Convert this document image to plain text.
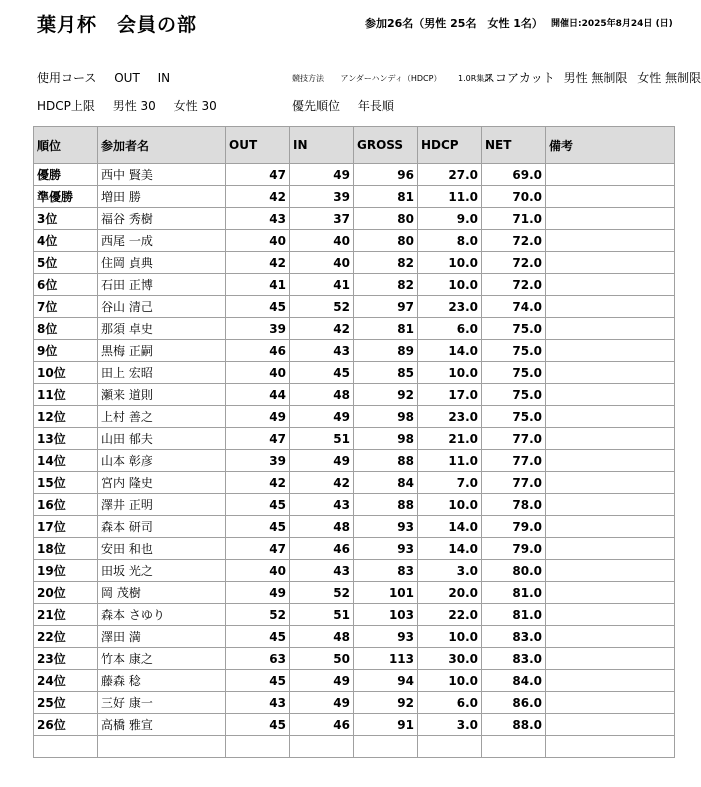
葉月杯　会員の部	参加26名（男性 25名　女性 1名） 開催日:2025年8月24日 (日)
使用コース OUT IN	競技方法 アンダーハンディ（HDCP） 1.0R集計
スコアカット 男性 無制限 女性 無制限
HDCP上限 男性 30 女性 30	優先順位 年長順
順位	参加者名	OUT	IN	GROSS	HDCP	NET	備考
優勝	西中 賢美	47	49	96	27.0	69.0	
準優勝	増田 勝	42	39	81	11.0	70.0	
3位	福谷 秀樹	43	37	80	9.0	71.0	
4位	西尾 一成	40	40	80	8.0	72.0	
5位	住岡 貞典	42	40	82	10.0	72.0	
6位	石田 正博	41	41	82	10.0	72.0	
7位	谷山 清己	45	52	97	23.0	74.0	
8位	那須 卓史	39	42	81	6.0	75.0	
9位	黒梅 正嗣	46	43	89	14.0	75.0	
10位	田上 宏昭	40	45	85	10.0	75.0	
11位	瀬来 道則	44	48	92	17.0	75.0	
12位	上村 善之	49	49	98	23.0	75.0	
13位	山田 郁夫	47	51	98	21.0	77.0	
14位	山本 彰彦	39	49	88	11.0	77.0	
15位	宮内 隆史	42	42	84	7.0	77.0	
16位	澤井 正明	45	43	88	10.0	78.0	
17位	森本 研司	45	48	93	14.0	79.0	
18位	安田 和也	47	46	93	14.0	79.0	
19位	田坂 光之	40	43	83	3.0	80.0	
20位	岡 茂樹	49	52	101	20.0	81.0	
21位	森本 さゆり	52	51	103	22.0	81.0	
22位	澤田 満	45	48	93	10.0	83.0	
23位	竹本 康之	63	50	113	30.0	83.0	
24位	藤森 稔	45	49	94	10.0	84.0	
25位	三好 康一	43	49	92	6.0	86.0	
26位	高橋 雅宣	45	46	91	3.0	88.0	
